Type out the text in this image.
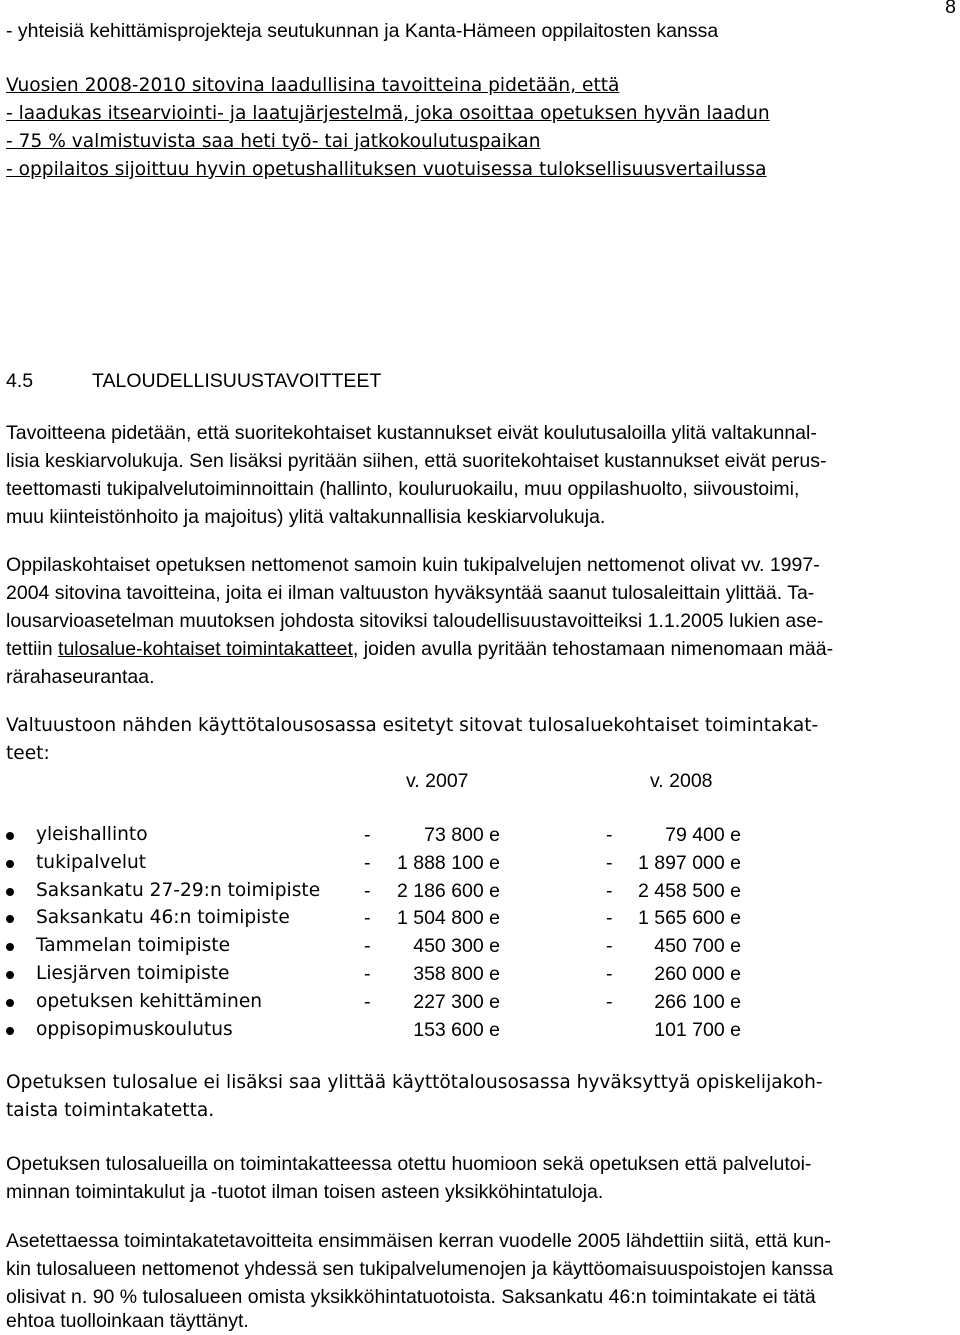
8
- yhteisiä kehittämisprojekteja seutukunnan ja Kanta-Hämeen oppilaitosten kanssa
Vuosien 2008-2010 sitovina laadullisina tavoitteina pidetään, että
- laadukas itsearviointi- ja laatujärjestelmä, joka osoittaa opetuksen hyvän laadun
- 75 % valmistuvista saa heti työ- tai jatkokoulutuspaikan
- oppilaitos sijoittuu hyvin opetushallituksen vuotuisessa tuloksellisuusvertailussa
4.5	TALOUDELLISUUSTAVOITTEET
Tavoitteena pidetään, että suoritekohtaiset kustannukset eivät koulutusaloilla ylitä valtakunnal-
lisia keskiarvolukuja. Sen lisäksi pyritään siihen, että suoritekohtaiset kustannukset eivät perus-
teettomasti tukipalvelutoiminnoittain (hallinto, kouluruokailu, muu oppilashuolto, siivoustoimi,
muu kiinteistönhoito ja majoitus) ylitä valtakunnallisia keskiarvolukuja.
Oppilaskohtaiset opetuksen nettomenot samoin kuin tukipalvelujen nettomenot olivat vv. 1997-
2004 sitovina tavoitteina, joita ei ilman valtuuston hyväksyntää saanut tulosaleittain ylittää. Ta-
lousarvioasetelman muutoksen johdosta sitoviksi taloudellisuustavoitteiksi 1.1.2005 lukien ase-
tettiin tulosalue-kohtaiset toimintakatteet, joiden avulla pyritään tehostamaan nimenomaan mää-
rärahaseurantaa.
Valtuustoon nähden käyttötalousosassa esitetyt sitovat tulosaluekohtaiset toimintakat-
teet:
v. 2007	v. 2008
yleishallinto	-	73 800 e	-	79 400 e
tukipalvelut	-	1 888 100 e	-	1 897 000 e
Saksankatu 27-29:n toimipiste -	2 186 600 e	-	2 458 500 e
Saksankatu 46:n toimipiste	-	1 504 800 e	-	1 565 600 e
Tammelan toimipiste	-	450 300 e	-	450 700 e
Liesjärven toimipiste	-	358 800 e	-	260 000 e
opetuksen kehittäminen	-	227 300 e	-	266 100 e
oppisopimuskoulutus	153 600 e	101 700 e
Opetuksen tulosalue ei lisäksi saa ylittää käyttötalousosassa hyväksyttyä opiskelijakoh-
taista toimintakatetta.
Opetuksen tulosalueilla on toimintakatteessa otettu huomioon sekä opetuksen että palvelutoi-
minnan toimintakulut ja -tuotot ilman toisen asteen yksikköhintatuloja.
Asetettaessa toimintakatetavoitteita ensimmäisen kerran vuodelle 2005 lähdettiin siitä, että kun-
kin tulosalueen nettomenot yhdessä sen tukipalvelumenojen ja käyttöomaisuuspoistojen kanssa
olisivat n. 90 % tulosalueen omista yksikköhintatuotoista. Saksankatu 46:n toimintakate ei tätä
ehtoa tuolloinkaan täyttänyt.
